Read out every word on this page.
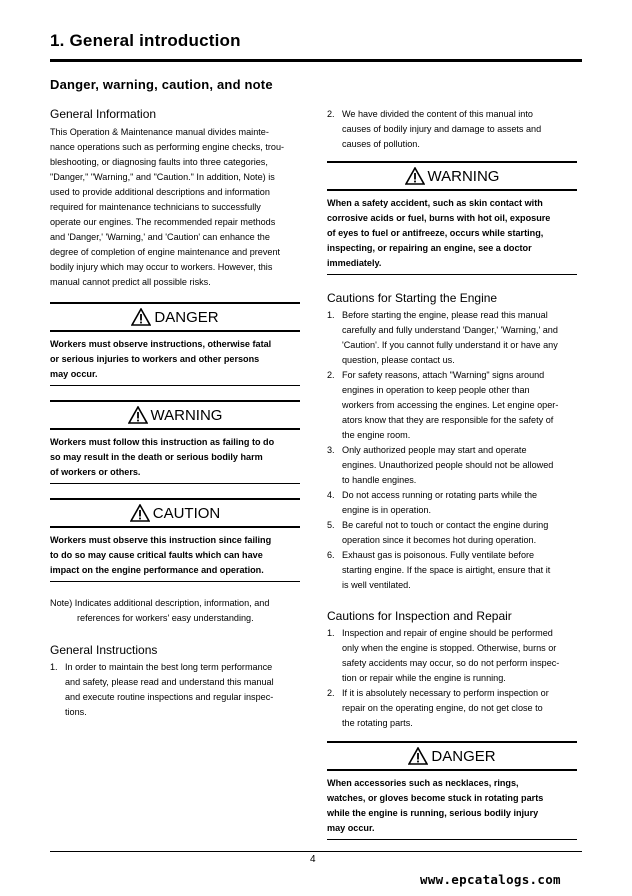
1. General introduction
Danger, warning, caution, and note
General Information

This Operation & Maintenance manual divides mainte-

nance operations such as performing engine checks, trou-

bleshooting, or diagnosing faults into three categories,

"Danger," "Warning," and "Caution." In addition, Note) is

used to provide additional descriptions and information

required for maintenance technicians to successfully

operate our engines. The recommended repair methods

and 'Danger,' 'Warning,' and 'Caution' can enhance the

degree of completion of engine maintenance and prevent

bodily injury which may occur to workers. However, this

manual cannot predict all possible risks.

DANGER

Workers must observe instructions, otherwise fatal

or serious injuries to workers and other persons

may occur.

WARNING

Workers must follow this instruction as failing to do

so may result in the death or serious bodily harm

of workers or others.

CAUTION

Workers must observe this instruction since failing

to do so may cause critical faults which can have

impact on the engine performance and operation.

Note) Indicates additional description, information, and

references for workers' easy understanding.

General Instructions
1. In order to maintain the best long term performance
and safety, please read and understand this manual
and execute routine inspections and regular inspec-
tions.
2. We have divided the content of this manual into
causes of bodily injury and damage to assets and
causes of pollution.
WARNING

When a safety accident, such as skin contact with

corrosive acids or fuel, burns with hot oil, exposure

of eyes to fuel or antifreeze, occurs while starting,

inspecting, or repairing an engine, see a doctor

immediately.

Cautions for Starting the Engine
1. Before starting the engine, please read this manual
carefully and fully understand 'Danger,' 'Warning,' and
'Caution'. If you cannot fully understand it or have any
question, please contact us.
2. For safety reasons, attach "Warning" signs around
engines in operation to keep people other than
workers from accessing the engines. Let engine oper-
ators know that they are responsible for the safety of
the engine room.
3. Only authorized people may start and operate
engines. Unauthorized people should not be allowed
to handle engines.
4. Do not access running or rotating parts while the
engine is in operation.
5. Be careful not to touch or contact the engine during
operation since it becomes hot during operation.
6. Exhaust gas is poisonous. Fully ventilate before
starting engine. If the space is airtight, ensure that it
is well ventilated.
Cautions for Inspection and Repair
1. Inspection and repair of engine should be performed
only when the engine is stopped. Otherwise, burns or
safety accidents may occur, so do not perform inspec-
tion or repair while the engine is running.
2. If it is absolutely necessary to perform inspection or
repair on the operating engine, do not get close to
the rotating parts.
DANGER

When accessories such as necklaces, rings,

watches, or gloves become stuck in rotating parts

while the engine is running, serious bodily injury

may occur.

4
www.epcatalogs.com
